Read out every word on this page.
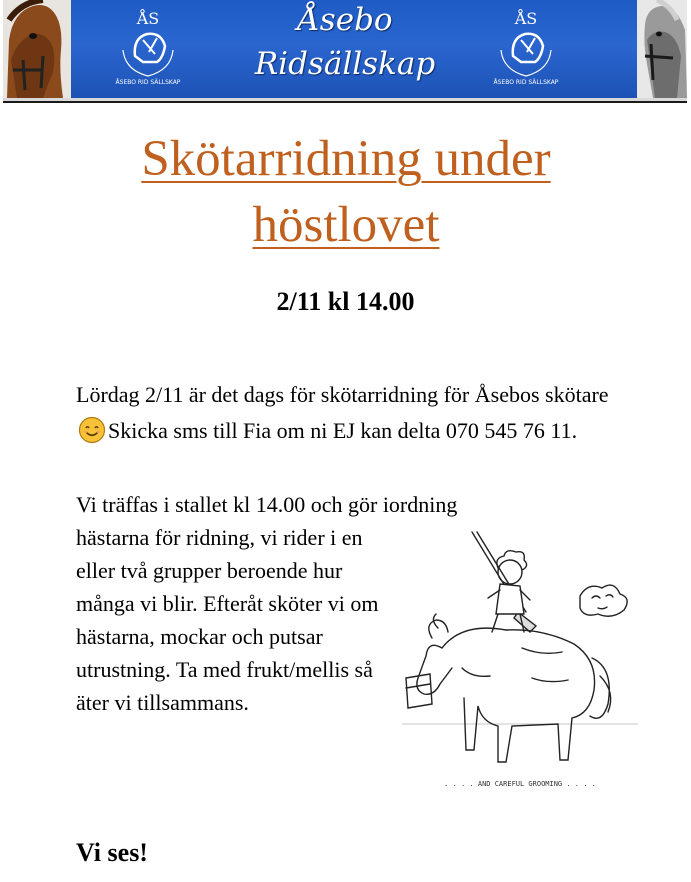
ÅS
ÅSEBO RID SÄLLSKAP
Åsebo
Ridsällskap
ÅS
ÅSEBO RID SÄLLSKAP
Skötarridning under
höstlovet
2/11 kl 14.00
Lördag 2/11 är det dags för skötarridning för Åsebos skötareSkicka sms till Fia om ni EJ kan delta 070 545 76 11.
Vi träffas i stallet kl 14.00 och gör iordning
hästarna för ridning, vi rider i en eller två grupper beroende hur många vi blir. Efteråt sköter vi om hästarna, mockar och putsar utrustning. Ta med frukt/mellis så äter vi tillsammans.
. . . . AND CAREFUL GROOMING . . . .
Vi ses!
